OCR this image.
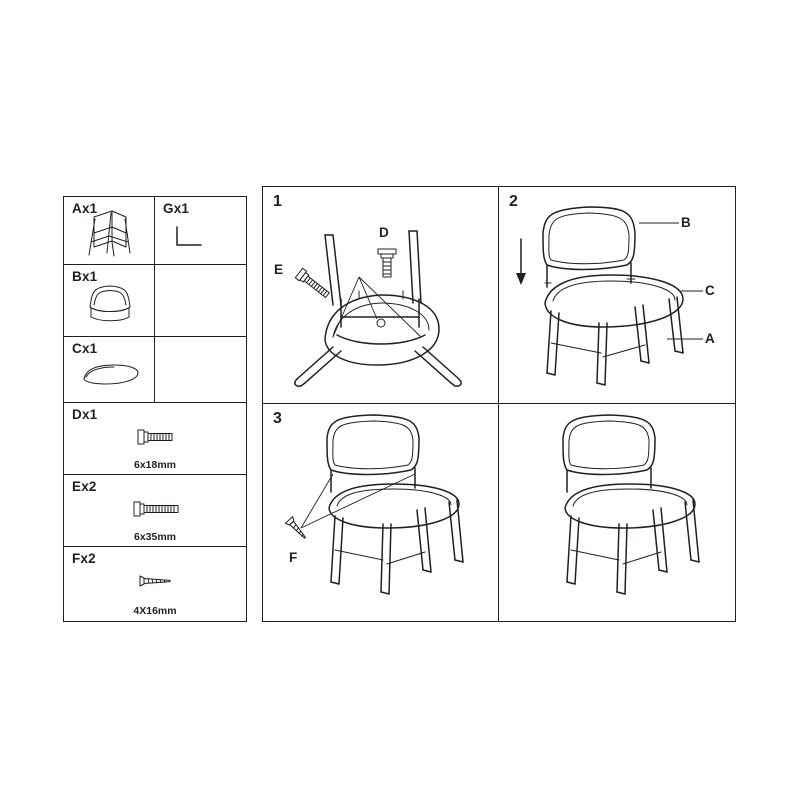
Ax1	Gx1
Bx1
Cx1
Dx1
6x18mm
Ex2
6x35mm
Fx2
4X16mm
1
E
D
2
B
C
A
3
F
